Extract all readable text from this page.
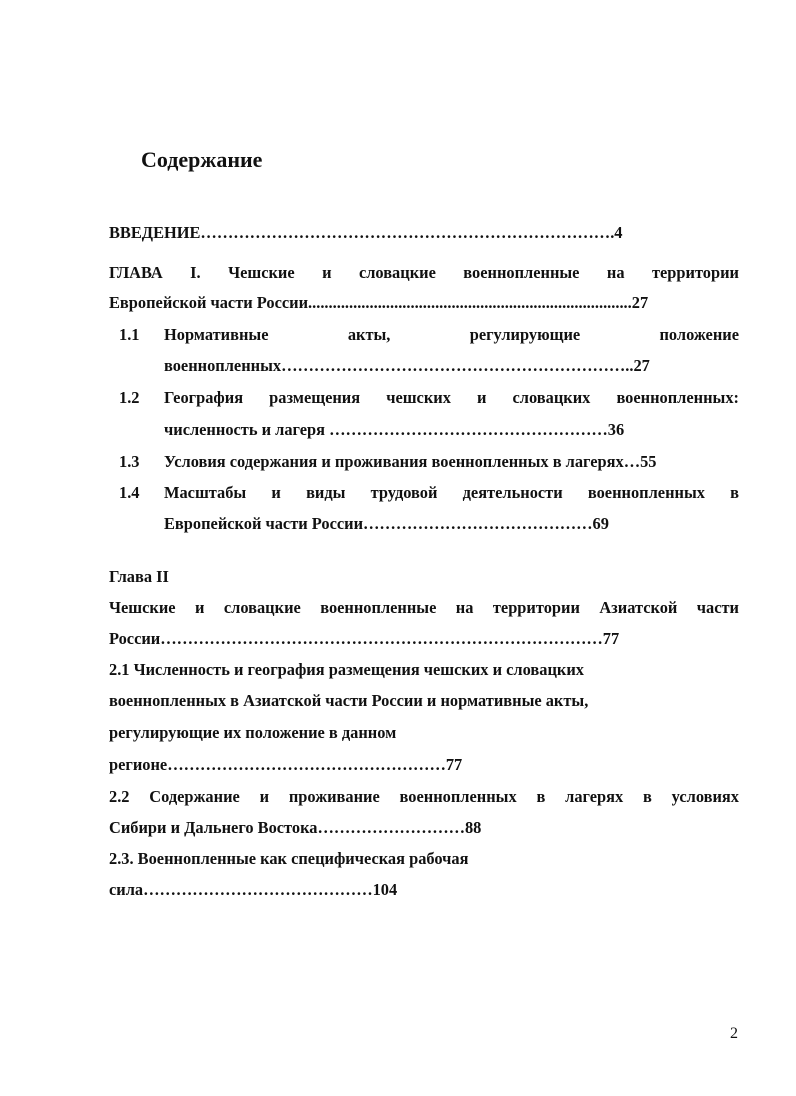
Содержание
ВВЕДЕНИЕ………………………………………………………………….4
ГЛАВА I. Чешские и словацкие военнопленные на территории
Европейской части России...............................................................................27
1.1 Нормативные акты, регулирующие положение
военнопленных………………………………………………………..27
1.2 География размещения чешских и словацких военнопленных:
численность и лагеря ……………………………………………36
1.3 Условия содержания и проживания военнопленных в лагерях…55
1.4 Масштабы и виды трудовой деятельности военнопленных в
Европейской части России……………………………………69
Глава II
Чешские и словацкие военнопленные на территории Азиатской части
России………………………………………………………………………77
2.1 Численность и география размещения чешских и словацких
военнопленных в Азиатской части России и нормативные акты,
регулирующие их положение в данном
регионе……………………………………………77
2.2 Содержание и проживание военнопленных в лагерях в условиях
Сибири и Дальнего Востока………………………88
2.3. Военнопленные как специфическая рабочая
сила……………………………………104
2
